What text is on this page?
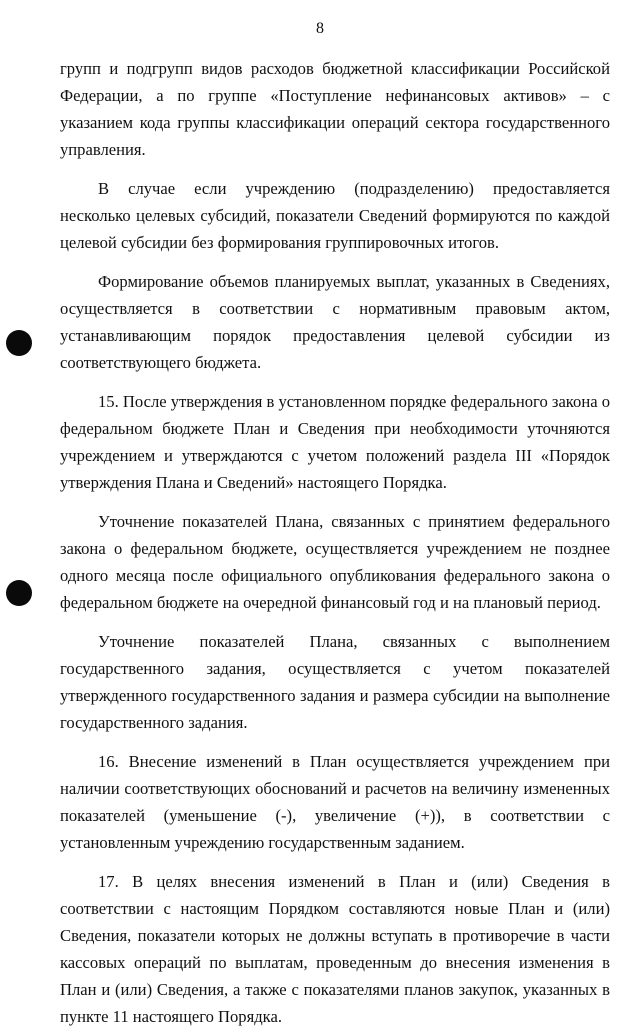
8

групп и подгрупп видов расходов бюджетной классификации Российской Федерации, а по группе «Поступление нефинансовых активов» – с указанием кода группы классификации операций сектора государственного управления.

В случае если учреждению (подразделению) предоставляется несколько целевых субсидий, показатели Сведений формируются по каждой целевой субсидии без формирования группировочных итогов.

Формирование объемов планируемых выплат, указанных в Сведениях, осуществляется в соответствии с нормативным правовым актом, устанавливающим порядок предоставления целевой субсидии из соответствующего бюджета.

15. После утверждения в установленном порядке федерального закона о федеральном бюджете План и Сведения при необходимости уточняются учреждением и утверждаются с учетом положений раздела III «Порядок утверждения Плана и Сведений» настоящего Порядка.

Уточнение показателей Плана, связанных с принятием федерального закона о федеральном бюджете, осуществляется учреждением не позднее одного месяца после официального опубликования федерального закона о федеральном бюджете на очередной финансовый год и на плановый период.

Уточнение показателей Плана, связанных с выполнением государственного задания, осуществляется с учетом показателей утвержденного государственного задания и размера субсидии на выполнение государственного задания.

16. Внесение изменений в План осуществляется учреждением при наличии соответствующих обоснований и расчетов на величину измененных показателей (уменьшение (-), увеличение (+)), в соответствии с установленным учреждению государственным заданием.

17. В целях внесения изменений в План и (или) Сведения в соответствии с настоящим Порядком составляются новые План и (или) Сведения, показатели которых не должны вступать в противоречие в части кассовых операций по выплатам, проведенным до внесения изменения в План и (или) Сведения, а также с показателями планов закупок, указанных в пункте 11 настоящего Порядка.
